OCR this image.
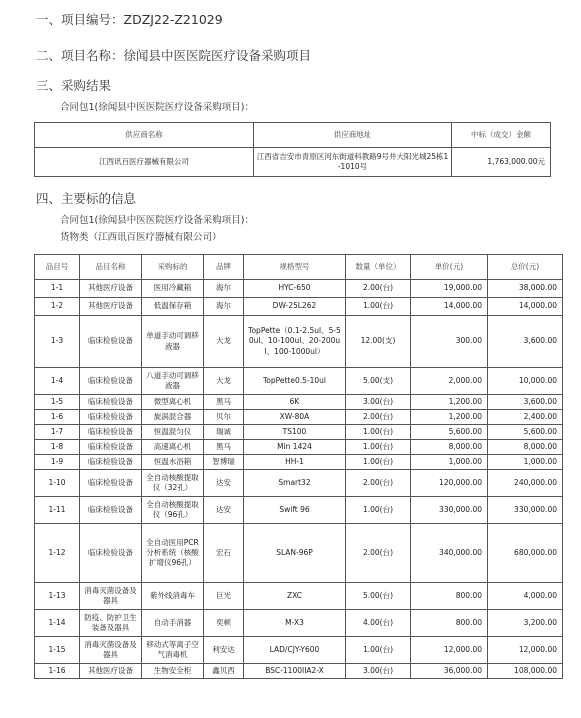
一、项目编号：ZDZJ22-Z21029
二、项目名称：徐闻县中医医院医疗设备采购项目
三、采购结果
合同包1(徐闻县中医医院医疗设备采购项目)：
供应商名称	供应商地址	中标（成交）金额
江西讯百医疗器械有限公司	江西省吉安市青原区河东街道科教路9号井大阳光城25栋1-1010号	1,763,000.00元
四、主要标的信息
合同包1(徐闻县中医医院医疗设备采购项目)：
货物类（江西讯百医疗器械有限公司）
品目号	品目名称	采购标的	品牌	规格型号	数量（单位）	单价(元)	总价(元)
1-1	其他医疗设备	医用冷藏箱	海尔	HYC-650	2.00(台)	19,000.00	38,000.00
1-2	其他医疗设备	低温保存箱	海尔	DW-25L262	1.00(台)	14,000.00	14,000.00
1-3	临床检验设备	单道手动可调移液器	大龙	TopPette（0.1-2.5ul、5-50ul、10-100ul、20-200ul、100-1000ul）	12.00(支)	300.00	3,600.00
1-4	临床检验设备	八道手动可调移液器	大龙	TopPette0.5-10ul	5.00(支)	2,000.00	10,000.00
1-5	临床检验设备	微型离心机	黑马	6K	3.00(台)	1,200.00	3,600.00
1-6	临床检验设备	旋涡混合器	贝尔	XW-80A	2.00(台)	1,200.00	2,400.00
1-7	临床检验设备	恒温混匀仪	瑞诚	TS100	1.00(台)	5,600.00	5,600.00
1-8	临床检验设备	高速离心机	黑马	Min 1424	1.00(台)	8,000.00	8,000.00
1-9	临床检验设备	恒温水浴箱	智博瑞	HH-1	1.00(台)	1,000.00	1,000.00
1-10	临床检验设备	全自动核酸提取仪（32孔）	达安	Smart32	2.00(台)	120,000.00	240,000.00
1-11	临床检验设备	全自动核酸提取仪（96孔）	达安	Swift 96	1.00(台)	330,000.00	330,000.00
1-12	临床检验设备	全自动医用PCR分析系统（核酸扩增仪96孔）	宏石	SLAN-96P	2.00(台)	340,000.00	680,000.00
1-13	消毒灭菌设备及器具	紫外线消毒车	巨光	ZXC	5.00(台)	800.00	4,000.00
1-14	防疫、防护卫生装备及器具	自动手消器	奕顿	M-X3	4.00(台)	800.00	3,200.00
1-15	消毒灭菌设备及器具	移动式等离子空气消毒机	利安达	LAD/CJY-Y600	1.00(台)	12,000.00	12,000.00
1-16	其他医疗设备	生物安全柜	鑫贝西	BSC-1100IIA2-X	3.00(台)	36,000.00	108,000.00
